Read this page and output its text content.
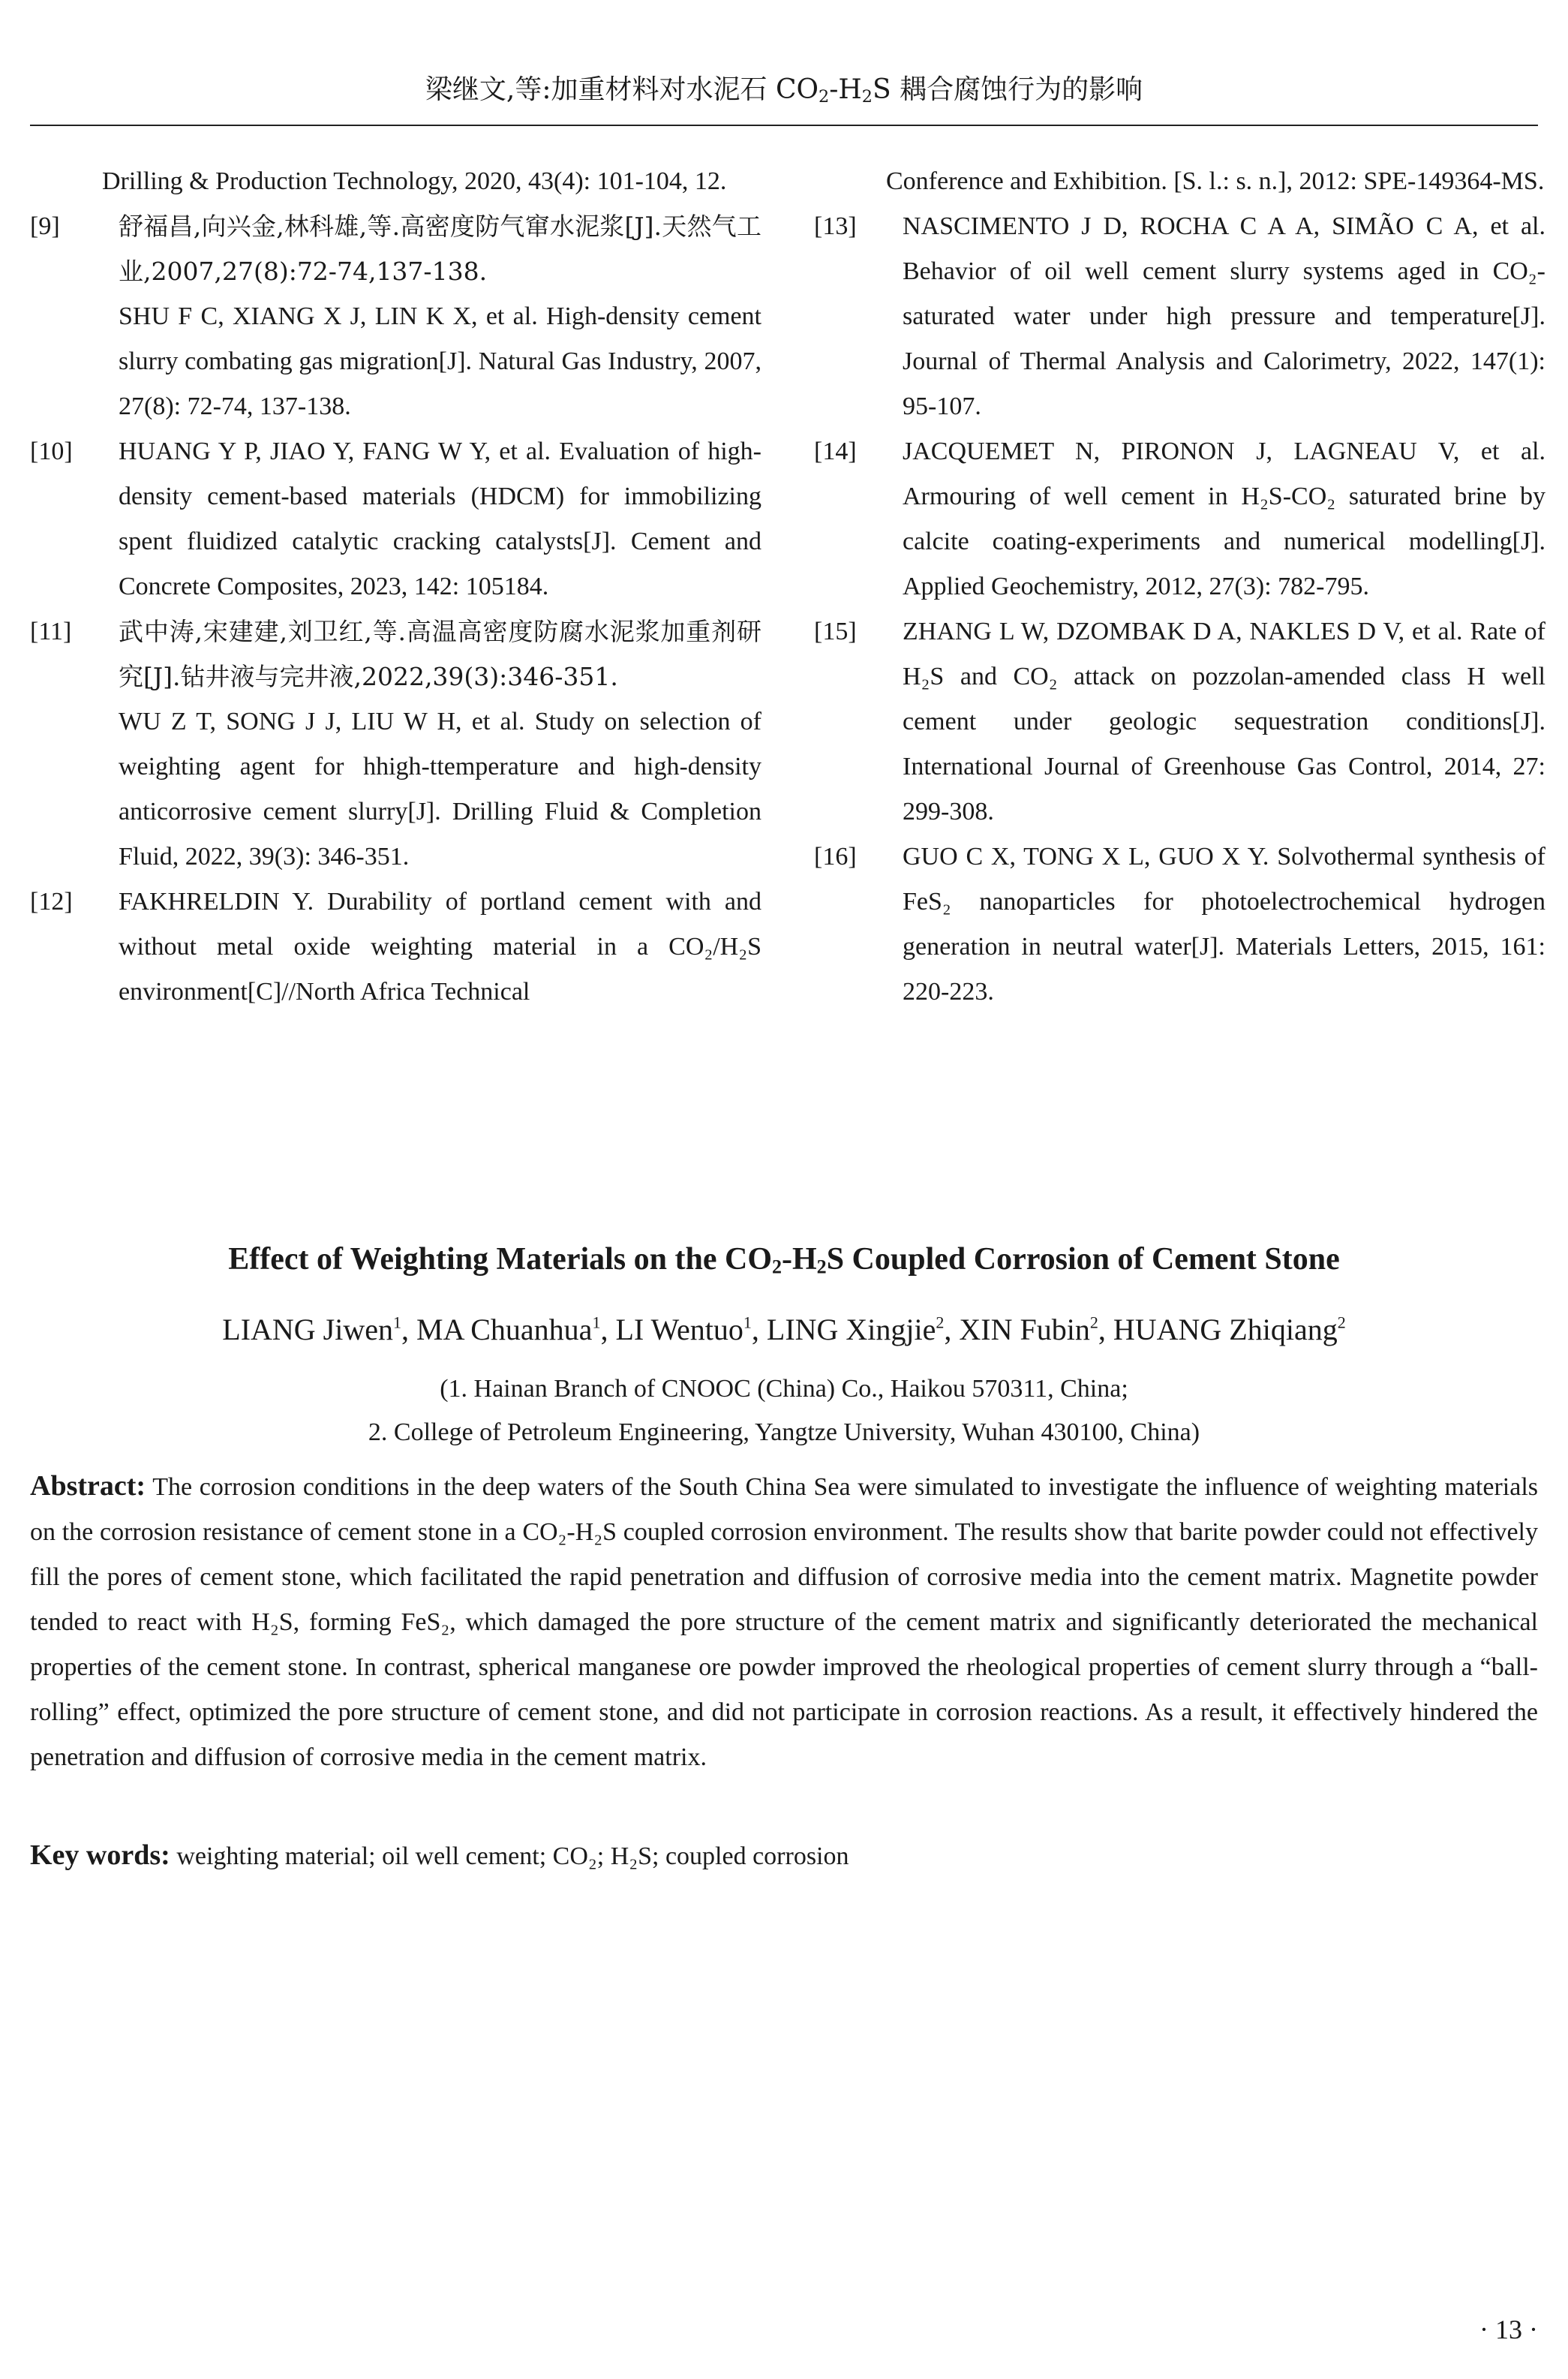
梁继文,等:加重材料对水泥石 $CO_2-H_2S$ 耦合腐蚀行为的影响
Drilling & Production Technology, 2020, 43(4): 101-104, 12.
[9] 舒福昌,向兴金,林科雄,等.高密度防气窜水泥浆[J].天然气工业,2007,27(8):72-74,137-138.
SHU F C, XIANG X J, LIN K X, et al. High-density cement slurry combating gas migration[J]. Natural Gas Industry, 2007, 27(8): 72-74, 137-138.
[10] HUANG Y P, JIAO Y, FANG W Y, et al. Evaluation of high-density cement-based materials (HDCM) for immobilizing spent fluidized catalytic cracking catalysts[J]. Cement and Concrete Composites, 2023, 142: 105184.
[11] 武中涛,宋建建,刘卫红,等.高温高密度防腐水泥浆加重剂研究[J].钻井液与完井液,2022,39(3):346-351.
WU Z T, SONG J J, LIU W H, et al. Study on selection of weighting agent for hhigh-ttemperature and high-density anticorrosive cement slurry[J]. Drilling Fluid & Completion Fluid, 2022, 39(3): 346-351.
[12] FAKHRELDIN Y. Durability of portland cement with and without metal oxide weighting material in a CO₂/H₂S environment[C]//North Africa Technical
Conference and Exhibition. [S. l.: s. n.], 2012: SPE-149364-MS.
[13] NASCIMENTO J D, ROCHA C A A, SIMÃO C A, et al. Behavior of oil well cement slurry systems aged in CO₂-saturated water under high pressure and temperature[J]. Journal of Thermal Analysis and Calorimetry, 2022, 147(1): 95-107.
[14] JACQUEMET N, PIRONON J, LAGNEAU V, et al. Armouring of well cement in H₂S-CO₂ saturated brine by calcite coating-experiments and numerical modelling[J]. Applied Geochemistry, 2012, 27(3): 782-795.
[15] ZHANG L W, DZOMBAK D A, NAKLES D V, et al. Rate of H₂S and CO₂ attack on pozzolan-amended class H well cement under geologic sequestration conditions[J]. International Journal of Greenhouse Gas Control, 2014, 27: 299-308.
[16] GUO C X, TONG X L, GUO X Y. Solvothermal synthesis of FeS₂ nanoparticles for photoelectrochemical hydrogen generation in neutral water[J]. Materials Letters, 2015, 161: 220-223.
Effect of Weighting Materials on the $CO_2-H_2S$ Coupled Corrosion of Cement Stone
LIANG Jiwen$^1$, MA Chuanhua$^1$, LI Wentuo$^1$, LING Xingjie$^2$, XIN Fubin$^2$, HUANG Zhiqiang$^2$
(1. Hainan Branch of CNOOC (China) Co., Haikou 570311, China;
2. College of Petroleum Engineering, Yangtze University, Wuhan 430100, China)
Abstract: The corrosion conditions in the deep waters of the South China Sea were simulated to investigate the influence of weighting materials on the corrosion resistance of cement stone in a CO₂-H₂S coupled corrosion environment. The results show that barite powder could not effectively fill the pores of cement stone, which facilitated the rapid penetration and diffusion of corrosive media into the cement matrix. Magnetite powder tended to react with H₂S, forming FeS₂, which damaged the pore structure of the cement matrix and significantly deteriorated the mechanical properties of the cement stone. In contrast, spherical manganese ore powder improved the rheological properties of cement slurry through a “ball-rolling” effect, optimized the pore structure of cement stone, and did not participate in corrosion reactions. As a result, it effectively hindered the penetration and diffusion of corrosive media in the cement matrix.
Key words: weighting material; oil well cement; CO₂; H₂S; coupled corrosion
· 13 ·
